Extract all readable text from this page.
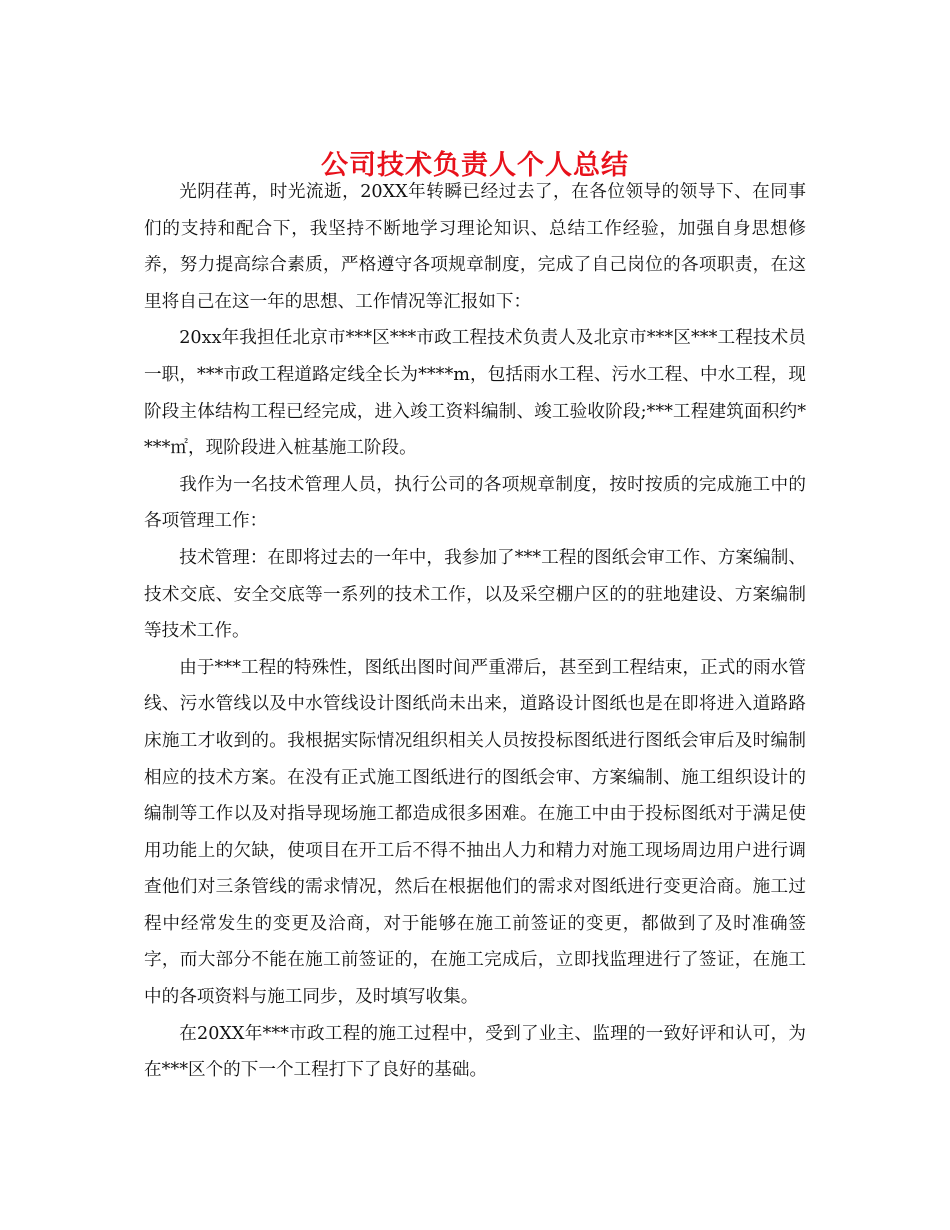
公司技术负责人个人总结

光阴荏苒，时光流逝，20XX年转瞬已经过去了，在各位领导的领导下、在同事们的支持和配合下，我坚持不断地学习理论知识、总结工作经验，加强自身思想修养，努力提高综合素质，严格遵守各项规章制度，完成了自己岗位的各项职责，在这里将自己在这一年的思想、工作情况等汇报如下：

20xx年我担任北京市***区***市政工程技术负责人及北京市***区***工程技术员一职，***市政工程道路定线全长为****m，包括雨水工程、污水工程、中水工程，现阶段主体结构工程已经完成，进入竣工资料编制、竣工验收阶段;***工程建筑面积约****㎡，现阶段进入桩基施工阶段。

我作为一名技术管理人员，执行公司的各项规章制度，按时按质的完成施工中的各项管理工作：

技术管理：在即将过去的一年中，我参加了***工程的图纸会审工作、方案编制、技术交底、安全交底等一系列的技术工作，以及采空棚户区的的驻地建设、方案编制等技术工作。

由于***工程的特殊性，图纸出图时间严重滞后，甚至到工程结束，正式的雨水管线、污水管线以及中水管线设计图纸尚未出来，道路设计图纸也是在即将进入道路路床施工才收到的。我根据实际情况组织相关人员按投标图纸进行图纸会审后及时编制相应的技术方案。在没有正式施工图纸进行的图纸会审、方案编制、施工组织设计的编制等工作以及对指导现场施工都造成很多困难。在施工中由于投标图纸对于满足使用功能上的欠缺，使项目在开工后不得不抽出人力和精力对施工现场周边用户进行调查他们对三条管线的需求情况，然后在根据他们的需求对图纸进行变更洽商。施工过程中经常发生的变更及洽商，对于能够在施工前签证的变更，都做到了及时准确签字，而大部分不能在施工前签证的，在施工完成后，立即找监理进行了签证，在施工中的各项资料与施工同步，及时填写收集。

在20XX年***市政工程的施工过程中，受到了业主、监理的一致好评和认可，为在***区个的下一个工程打下了良好的基础。
